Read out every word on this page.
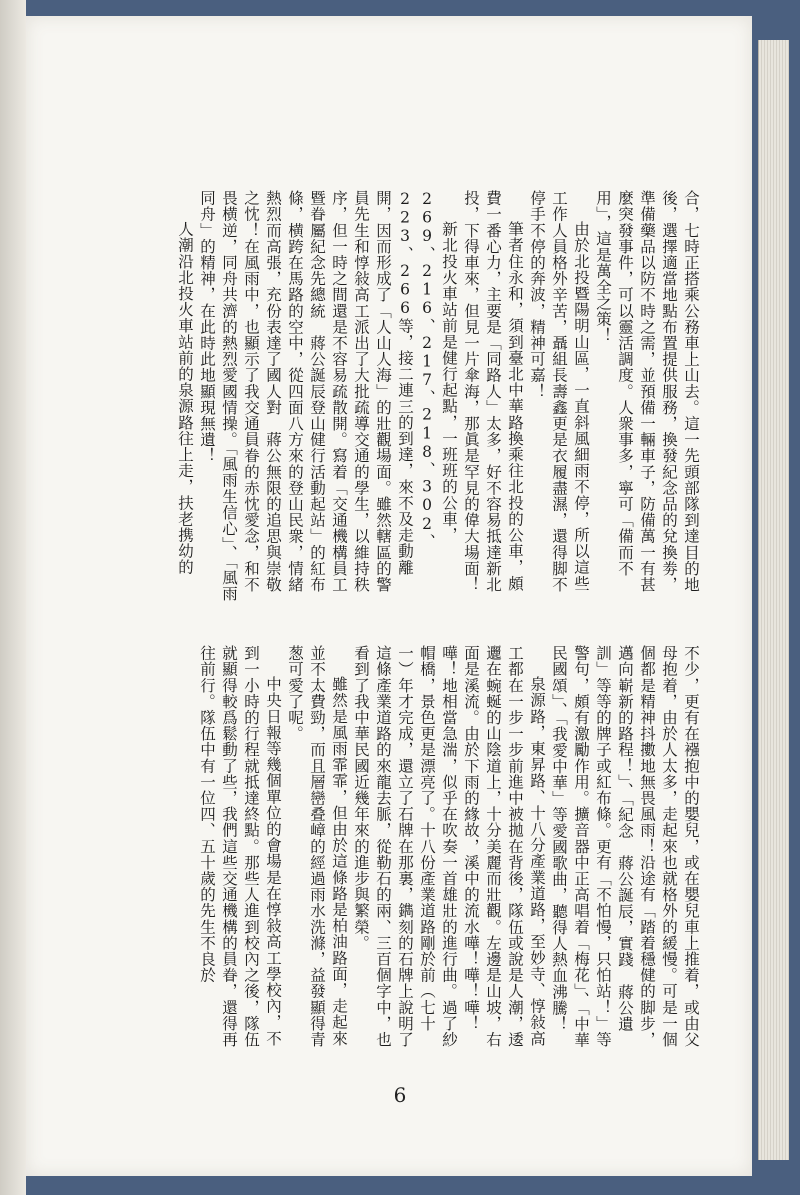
合，七時正搭乘公務車上山去。這一先頭部隊到達目的地後，選擇適當地點布置提供服務，換發紀念品的兌換劵，準備藥品以防不時之需，並預備一輛車子，防備萬一有甚麼突發事件，可以靈活調度。人衆事多，寧可「備而不用」，這是萬全之策！

由於北投暨陽明山區，一直斜風細雨不停，所以這些工作人員格外辛苦，聶組長壽鑫更是衣履盡濕，還得脚不停手不停的奔波，精神可嘉！

筆者住永和，須到臺北中華路換乘往北投的公車，頗費一番心力，主要是「同路人」太多，好不容易抵達新北投，下得車來，但見一片傘海，那眞是罕見的偉大場面！

新北投火車站前是健行起點，一班班的公車，269、216、217、218、302、223、266等，接二連三的到達，來不及走動離開，因而形成了「人山人海」的壯觀場面。雖然轄區的警員先生和惇敍高工派出了大批疏導交通的學生，以維持秩序，但一時之間還是不容易疏散開。寫着「交通機構員工暨眷屬紀念先總統　蔣公誕辰登山健行活動起站」的紅布條，横跨在馬路的空中，從四面八方來的登山民衆，情緒熱烈而高張，充份表達了國人對　蔣公無限的追思與崇敬之忱！在風雨中，也顯示了我交通員眷的赤忱愛念，和不畏横逆，同舟共濟的熱烈愛國情操。「風雨生信心」、「風雨同舟」的精神，在此時此地顯現無遺！

人潮沿北投火車站前的泉源路往上走，扶老携幼的

不少，更有在襁抱中的嬰兒，或在嬰兒車上推着，或由父母抱着，由於人太多，走起來也就格外的緩慢。可是一個個都是精神抖擻地無畏風雨！沿途有「踏着穩健的脚步，邁向嶄新的路程！」、「紀念　蔣公誕辰，實踐　蔣公遺訓」等等的牌子或紅布條。更有「不怕慢，只怕站！」等警句，頗有激勵作用。擴音器中正高唱着「梅花」、「中華民國頌」、「我愛中華」等愛國歌曲，聽得人熱血沸騰！

泉源路，東昇路、十八分產業道路，至妙寺、惇敍高工都在一步一步前進中被拋在背後，隊伍或說是人潮，逶邐在蜿蜒的山陰道上，十分美麗而壯觀。左邊是山坡，右面是溪流。由於下雨的緣故，溪中的流水嘩！嘩！嘩！嘩！地相當急湍，似乎在吹奏一首雄壯的進行曲。過了紗帽橋，景色更是漂亮了。十八份產業道路剛於前（七十一）年才完成，還立了石牌在那裏，鐫刻的石牌上說明了這條產業道路的來龍去脈，從勒石的兩、三百個字中，也看到了我中華民國近幾年來的進步與繁榮。

雖然是風雨霏霏，但由於這條路是柏油路面，走起來並不太費勁，而且層巒叠嶂的經過雨水洗滌，益發顯得青葱可愛了呢。

中央日報等幾個單位的會場是在惇敍高工學校內，不到一小時的行程就抵達終點。那些人進到校內之後，隊伍就顯得較爲鬆動了些，我們這些交通機構的員眷，還得再往前行。隊伍中有一位四、五十歲的先生不良於

6
